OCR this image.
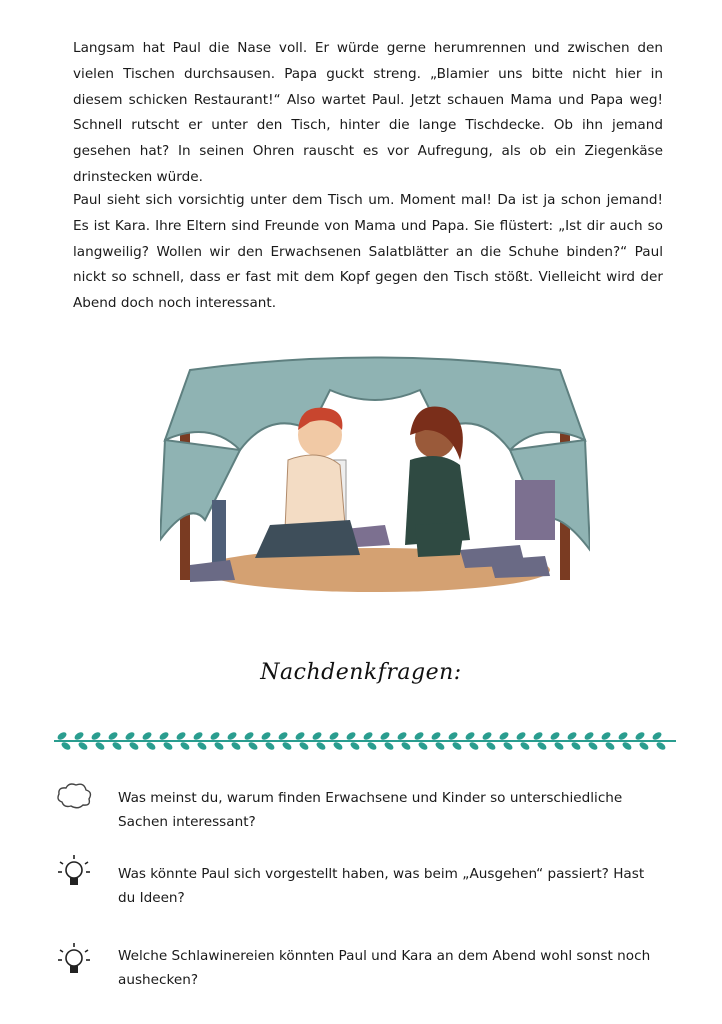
Langsam hat Paul die Nase voll. Er würde gerne herumrennen und zwischen den vielen Tischen durchsausen. Papa guckt streng. „Blamier uns bitte nicht hier in diesem schicken Restaurant!“ Also wartet Paul. Jetzt schauen Mama und Papa weg! Schnell rutscht er unter den Tisch, hinter die lange Tischdecke. Ob ihn jemand gesehen hat? In seinen Ohren rauscht es vor Aufregung, als ob ein Ziegenkäse drinstecken würde.

Paul sieht sich vorsichtig unter dem Tisch um. Moment mal! Da ist ja schon jemand! Es ist Kara. Ihre Eltern sind Freunde von Mama und Papa. Sie flüstert: „Ist dir auch so langweilig? Wollen wir den Erwachsenen Salatblätter an die Schuhe binden?“ Paul nickt so schnell, dass er fast mit dem Kopf gegen den Tisch stößt. Vielleicht wird der Abend doch noch interessant.

Nachdenkfragen:

Was meinst du, warum finden Erwachsene und Kinder so unterschiedliche Sachen interessant?

Was könnte Paul sich vorgestellt haben, was beim „Ausgehen“ passiert? Hast du Ideen?

Welche Schlawinereien könnten Paul und Kara an dem Abend wohl sonst noch aushecken?
